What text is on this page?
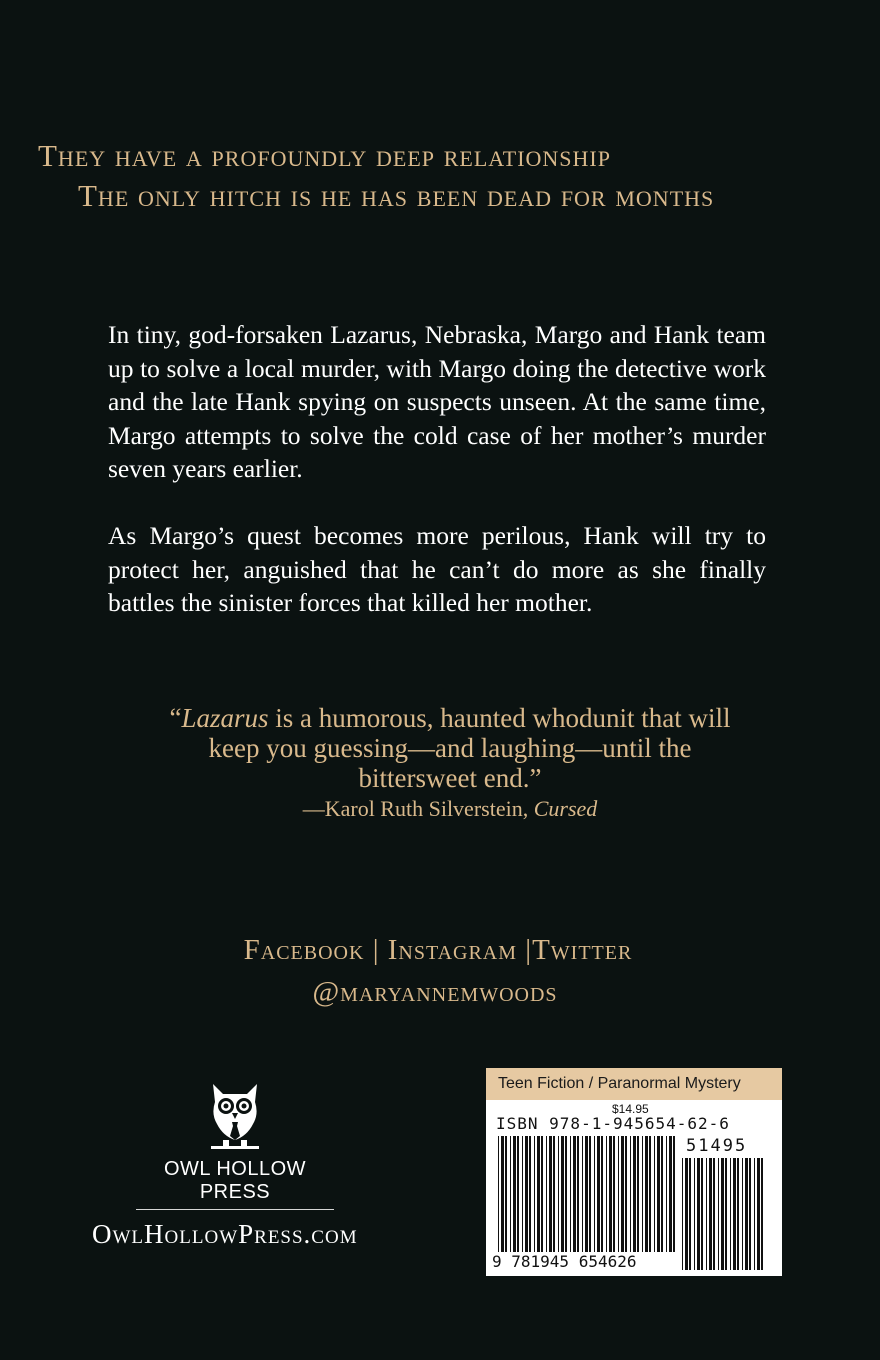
They have a profoundly deep relationship
The only hitch is he has been dead for months

In tiny, god-forsaken Lazarus, Nebraska, Margo and Hank team up to solve a local murder, with Margo doing the detective work and the late Hank spying on suspects unseen. At the same time, Margo attempts to solve the cold case of her mother’s murder seven years earlier.

As Margo’s quest becomes more perilous, Hank will try to protect her, anguished that he can’t do more as she finally battles the sinister forces that killed her mother.

“Lazarus is a humorous, haunted whodunit that will
keep you guessing—and laughing—until the
bittersweet end.”
—Karol Ruth Silverstein, Cursed
Facebook | Instagram |Twitter
@maryannemwoods
OWL HOLLOW PRESS
OwlHollowPress.com
Teen Fiction / Paranormal Mystery
$14.95
ISBN 978-1-945654-62-6
9 781945 654626
51495
